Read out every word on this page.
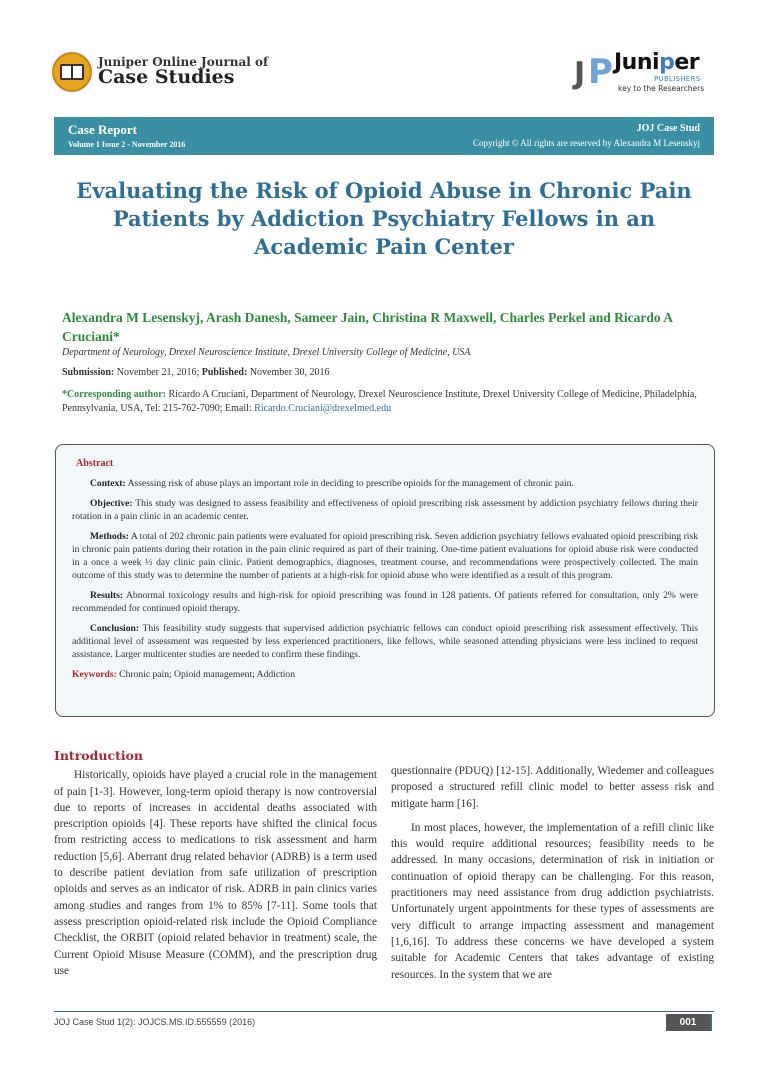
Juniper Online Journal of
Case Studies	J P Juniper
PUBLISHERS
key to the Researchers
Case Report
Volume 1 Issue 2 - November 2016
JOJ Case Stud
Copyright © All rights are reserved by Alexandra M Lesenskyj
Evaluating the Risk of Opioid Abuse in Chronic Pain Patients by Addiction Psychiatry Fellows in an Academic Pain Center
Alexandra M Lesenskyj, Arash Danesh, Sameer Jain, Christina R Maxwell, Charles Perkel and Ricardo A Cruciani*
Department of Neurology, Drexel Neuroscience Institute, Drexel University College of Medicine, USA
Submission: November 21, 2016; Published: November 30, 2016
*Corresponding author: Ricardo A Cruciani, Department of Neurology, Drexel Neuroscience Institute, Drexel University College of Medicine, Philadelphia, Pennsylvania, USA, Tel: 215-762-7090; Email: Ricardo.Cruciani@drexelmed.edu
Abstract

Context: Assessing risk of abuse plays an important role in deciding to prescribe opioids for the management of chronic pain.

Objective: This study was designed to assess feasibility and effectiveness of opioid prescribing risk assessment by addiction psychiatry fellows during their rotation in a pain clinic in an academic center.

Methods: A total of 202 chronic pain patients were evaluated for opioid prescribing risk. Seven addiction psychiatry fellows evaluated opioid prescribing risk in chronic pain patients during their rotation in the pain clinic required as part of their training. One-time patient evaluations for opioid abuse risk were conducted in a once a week ½ day clinic pain clinic. Patient demographics, diagnoses, treatment course, and recommendations were prospectively collected. The main outcome of this study was to determine the number of patients at a high-risk for opioid abuse who were identified as a result of this program.

Results: Abnormal toxicology results and high-risk for opioid prescribing was found in 128 patients. Of patients referred for consultation, only 2% were recommended for continued opioid therapy.

Conclusion: This feasibility study suggests that supervised addiction psychiatric fellows can conduct opioid prescribing risk assessment effectively. This additional level of assessment was requested by less experienced practitioners, like fellows, while seasoned attending physicians were less inclined to request assistance. Larger multicenter studies are needed to confirm these findings.

Keywords: Chronic pain; Opioid management; Addiction

Introduction

Historically, opioids have played a crucial role in the management of pain [1-3]. However, long-term opioid therapy is now controversial due to reports of increases in accidental deaths associated with prescription opioids [4]. These reports have shifted the clinical focus from restricting access to medications to risk assessment and harm reduction [5,6]. Aberrant drug related behavior (ADRB) is a term used to describe patient deviation from safe utilization of prescription opioids and serves as an indicator of risk. ADRB in pain clinics varies among studies and ranges from 1% to 85% [7-11]. Some tools that assess prescription opioid-related risk include the Opioid Compliance Checklist, the ORBIT (opioid related behavior in treatment) scale, the Current Opioid Misuse Measure (COMM), and the prescription drug use

questionnaire (PDUQ) [12-15]. Additionally, Wiedemer and colleagues proposed a structured refill clinic model to better assess risk and mitigate harm [16].

In most places, however, the implementation of a refill clinic like this would require additional resources; feasibility needs to be addressed. In many occasions, determination of risk in initiation or continuation of opioid therapy can be challenging. For this reason, practitioners may need assistance from drug addiction psychiatrists. Unfortunately urgent appointments for these types of assessments are very difficult to arrange impacting assessment and management [1,6,16]. To address these concerns we have developed a system suitable for Academic Centers that takes advantage of existing resources. In the system that we are

JOJ Case Stud 1(2): JOJCS.MS.ID.555559 (2016)	001
